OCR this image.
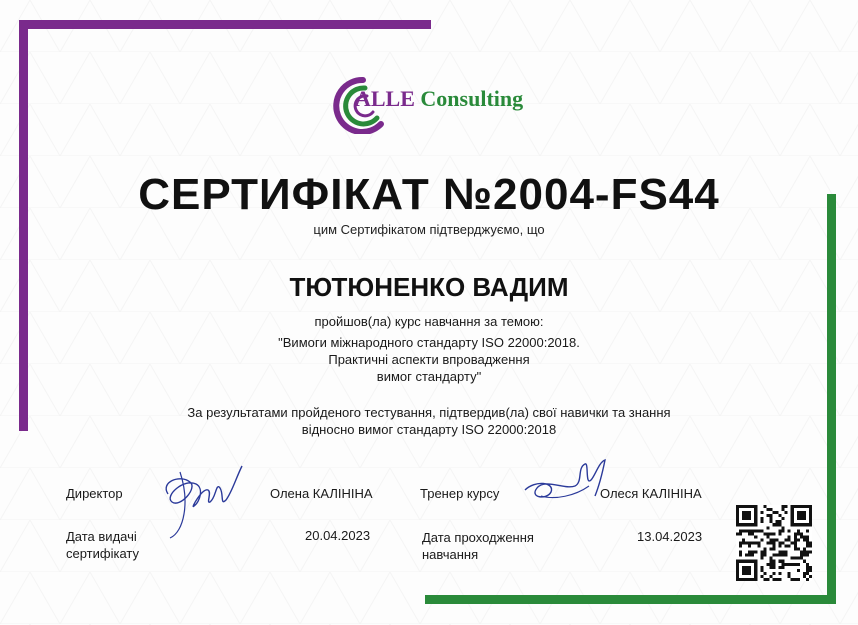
ALLE Consulting
СЕРТИФІКАТ №2004-FS44
цим Сертифікатом підтверджуємо, що
ТЮТЮНЕНКО ВАДИМ
пройшов(ла) курс навчання за темою:
"Вимоги міжнародного стандарту ISO 22000:2018.
Практичні аспекти впровадження
вимог стандарту"
За результатами пройденого тестування, підтвердив(ла) свої навички та знання
відносно вимог стандарту ISO 22000:2018
Директор	Олена КАЛІНІНА	Тренер курсу	Олеся КАЛІНІНА
Дата видачі
сертифікату
20.04.2023	Дата проходження
навчання
13.04.2023
